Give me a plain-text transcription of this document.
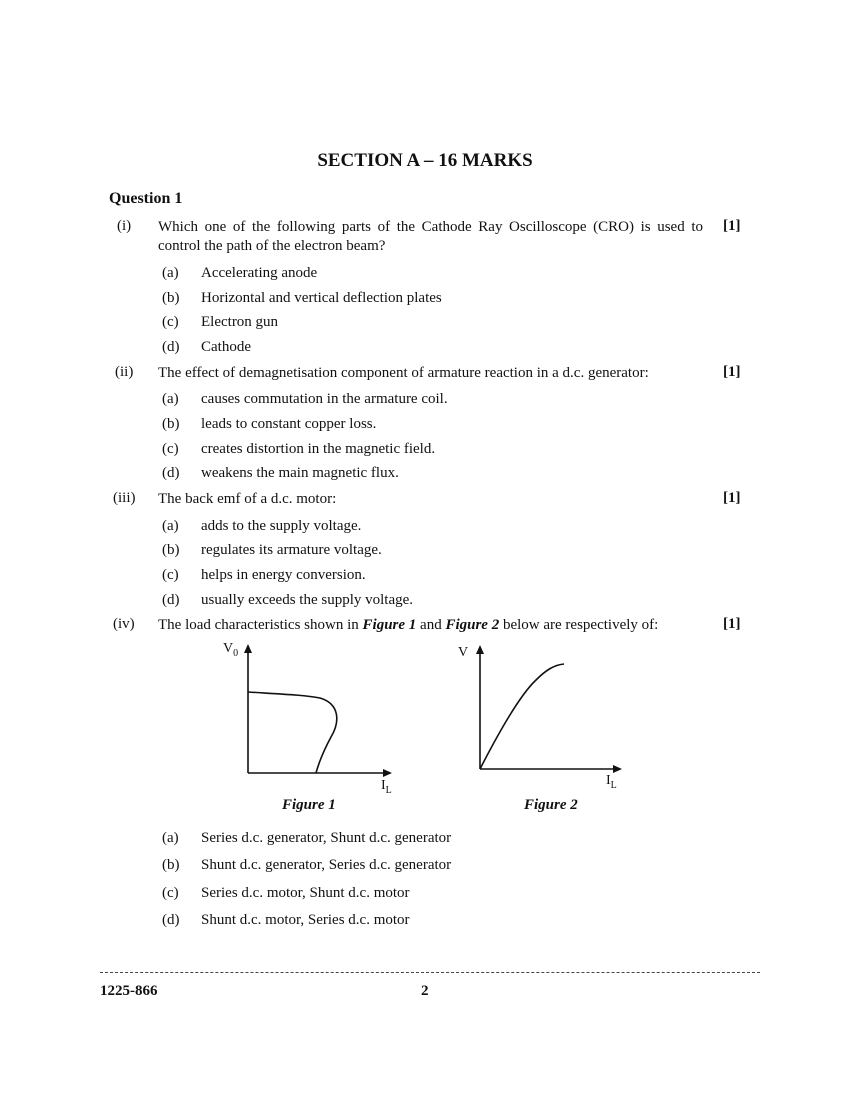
SECTION A – 16 MARKS
Question 1
(i)	Which one of the following parts of the Cathode Ray Oscilloscope (CRO) is used to control the path of the electron beam?
[1]
(a) Accelerating anode
(b) Horizontal and vertical deflection plates
(c) Electron gun
(d) Cathode
(ii)	The effect of demagnetisation component of armature reaction in a d.c. generator:	[1]
(a) causes commutation in the armature coil.
(b) leads to constant copper loss.
(c) creates distortion in the magnetic field.
(d) weakens the main magnetic flux.
(iii)	The back emf of a d.c. motor:	[1]
(a) adds to the supply voltage.
(b) regulates its armature voltage.
(c) helps in energy conversion.
(d) usually exceeds the supply voltage.
(iv)	The load characteristics shown in Figure 1 and Figure 2 below are respectively of:	[1]
$V_0$
$I_L$
Figure 1
V
$I_L$
Figure 2
(a) Series d.c. generator, Shunt d.c. generator
(b) Shunt d.c. generator, Series d.c. generator
(c) Series d.c. motor, Shunt d.c. motor
(d) Shunt d.c. motor, Series d.c. motor
1225-866	2
